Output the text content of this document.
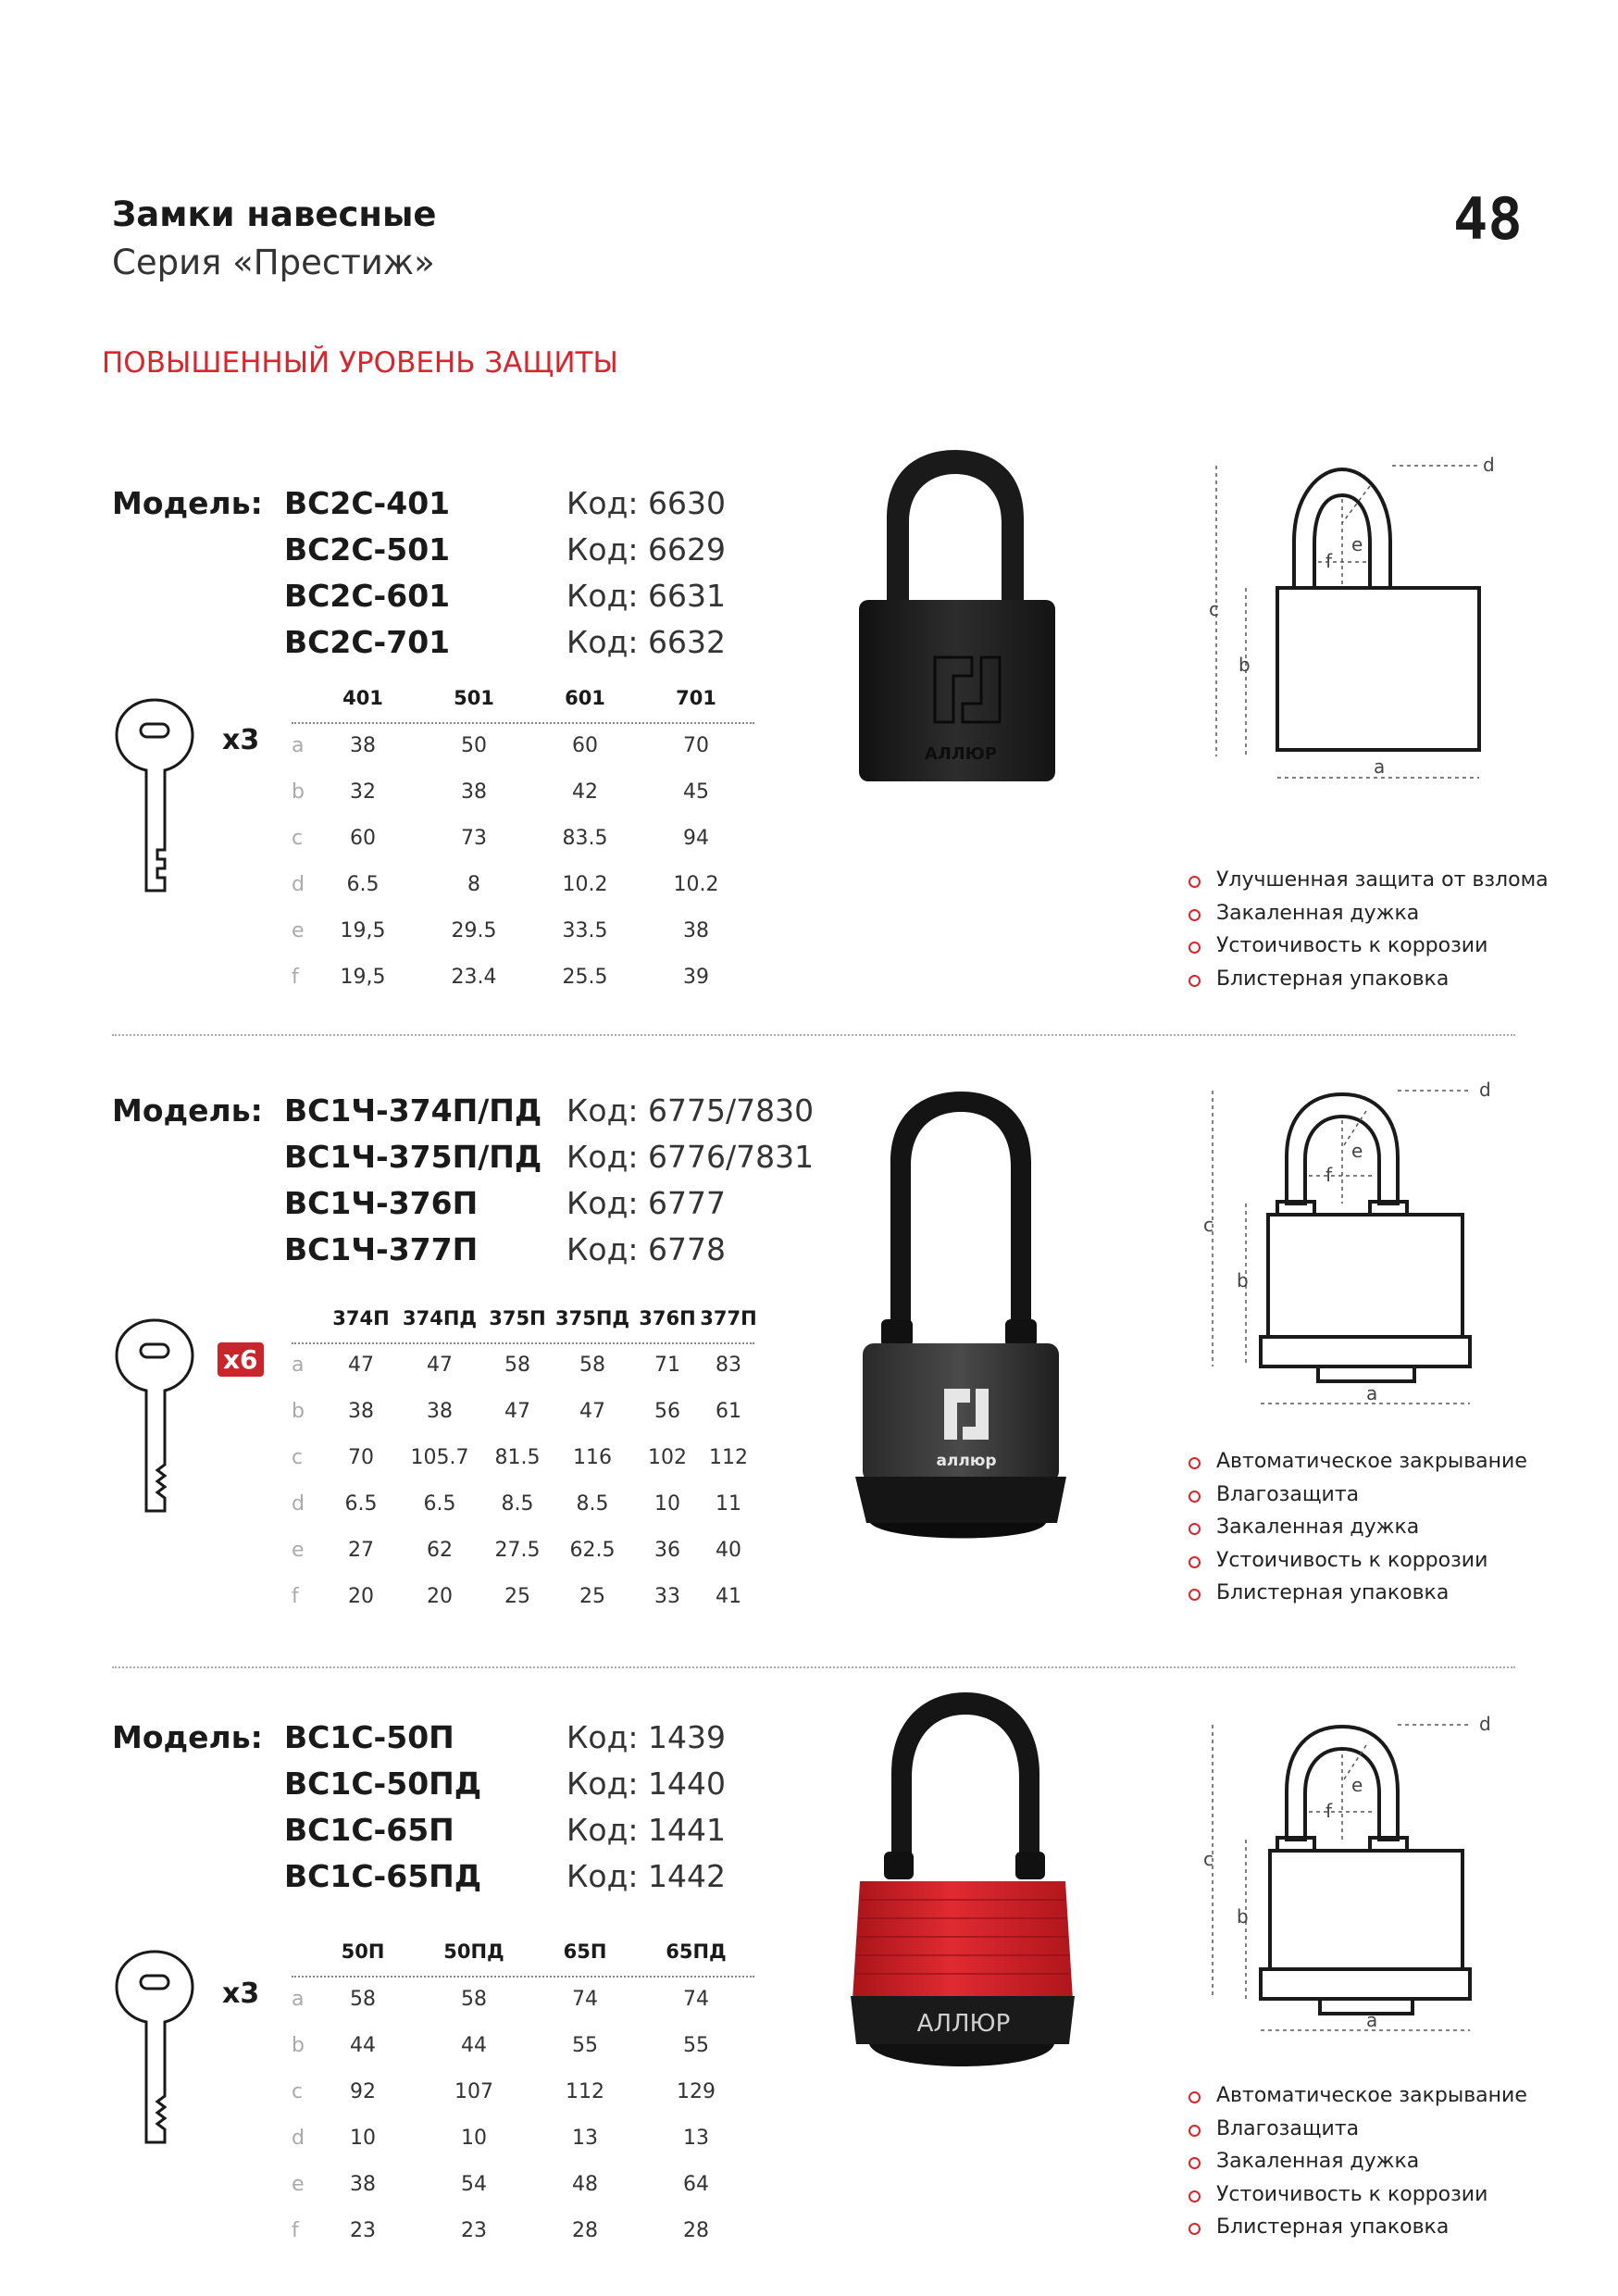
Замки навесные
Серия «Престиж»
48
ПОВЫШЕННЫЙ УРОВЕНЬ ЗАЩИТЫ
Модель: ВС2С-401	Код: 6630
ВС2С-501	Код: 6629
ВС2С-601	Код: 6631
ВС2С-701	Код: 6632
x3
401	501	601	701
a	38	50	60	70
b	32	38	42	45
c	60	73	83.5	94
d	6.5	8	10.2	10.2
e	19,5	29.5	33.5	38
f	19,5	23.4	25.5	39
АЛЛЮР
c
b
a
d
e
f
Улучшенная защита от взлома
Закаленная дужка
Устоичивость к коррозии
Блистерная упаковка
Модель: ВС1Ч-374П/ПД Код: 6775/7830
ВС1Ч-375П/ПД Код: 6776/7831
ВС1Ч-376П	Код: 6777
ВС1Ч-377П	Код: 6778
x6
374П 374ПД 375П 375ПД 376П 377П
a	47	47	58	58	71	83
b	38	38	47	47	56	61
c	70	105.7	81.5	116	102	112
d	6.5	6.5	8.5	8.5	10	11
e	27	62	27.5	62.5	36	40
f	20	20	25	25	33	41
аллюр
c
b
a
d
e
f
Автоматическое закрывание
Влагозащита
Закаленная дужка
Устоичивость к коррозии
Блистерная упаковка
Модель: ВС1С-50П	Код: 1439
ВС1С-50ПД	Код: 1440
ВС1С-65П	Код: 1441
ВС1С-65ПД	Код: 1442
x3
50П	50ПД	65П	65ПД
a	58	58	74	74
b	44	44	55	55
c	92	107	112	129
d	10	10	13	13
e	38	54	48	64
f	23	23	28	28
АЛЛЮР
c
b
a
d
e
f
Автоматическое закрывание
Влагозащита
Закаленная дужка
Устоичивость к коррозии
Блистерная упаковка
